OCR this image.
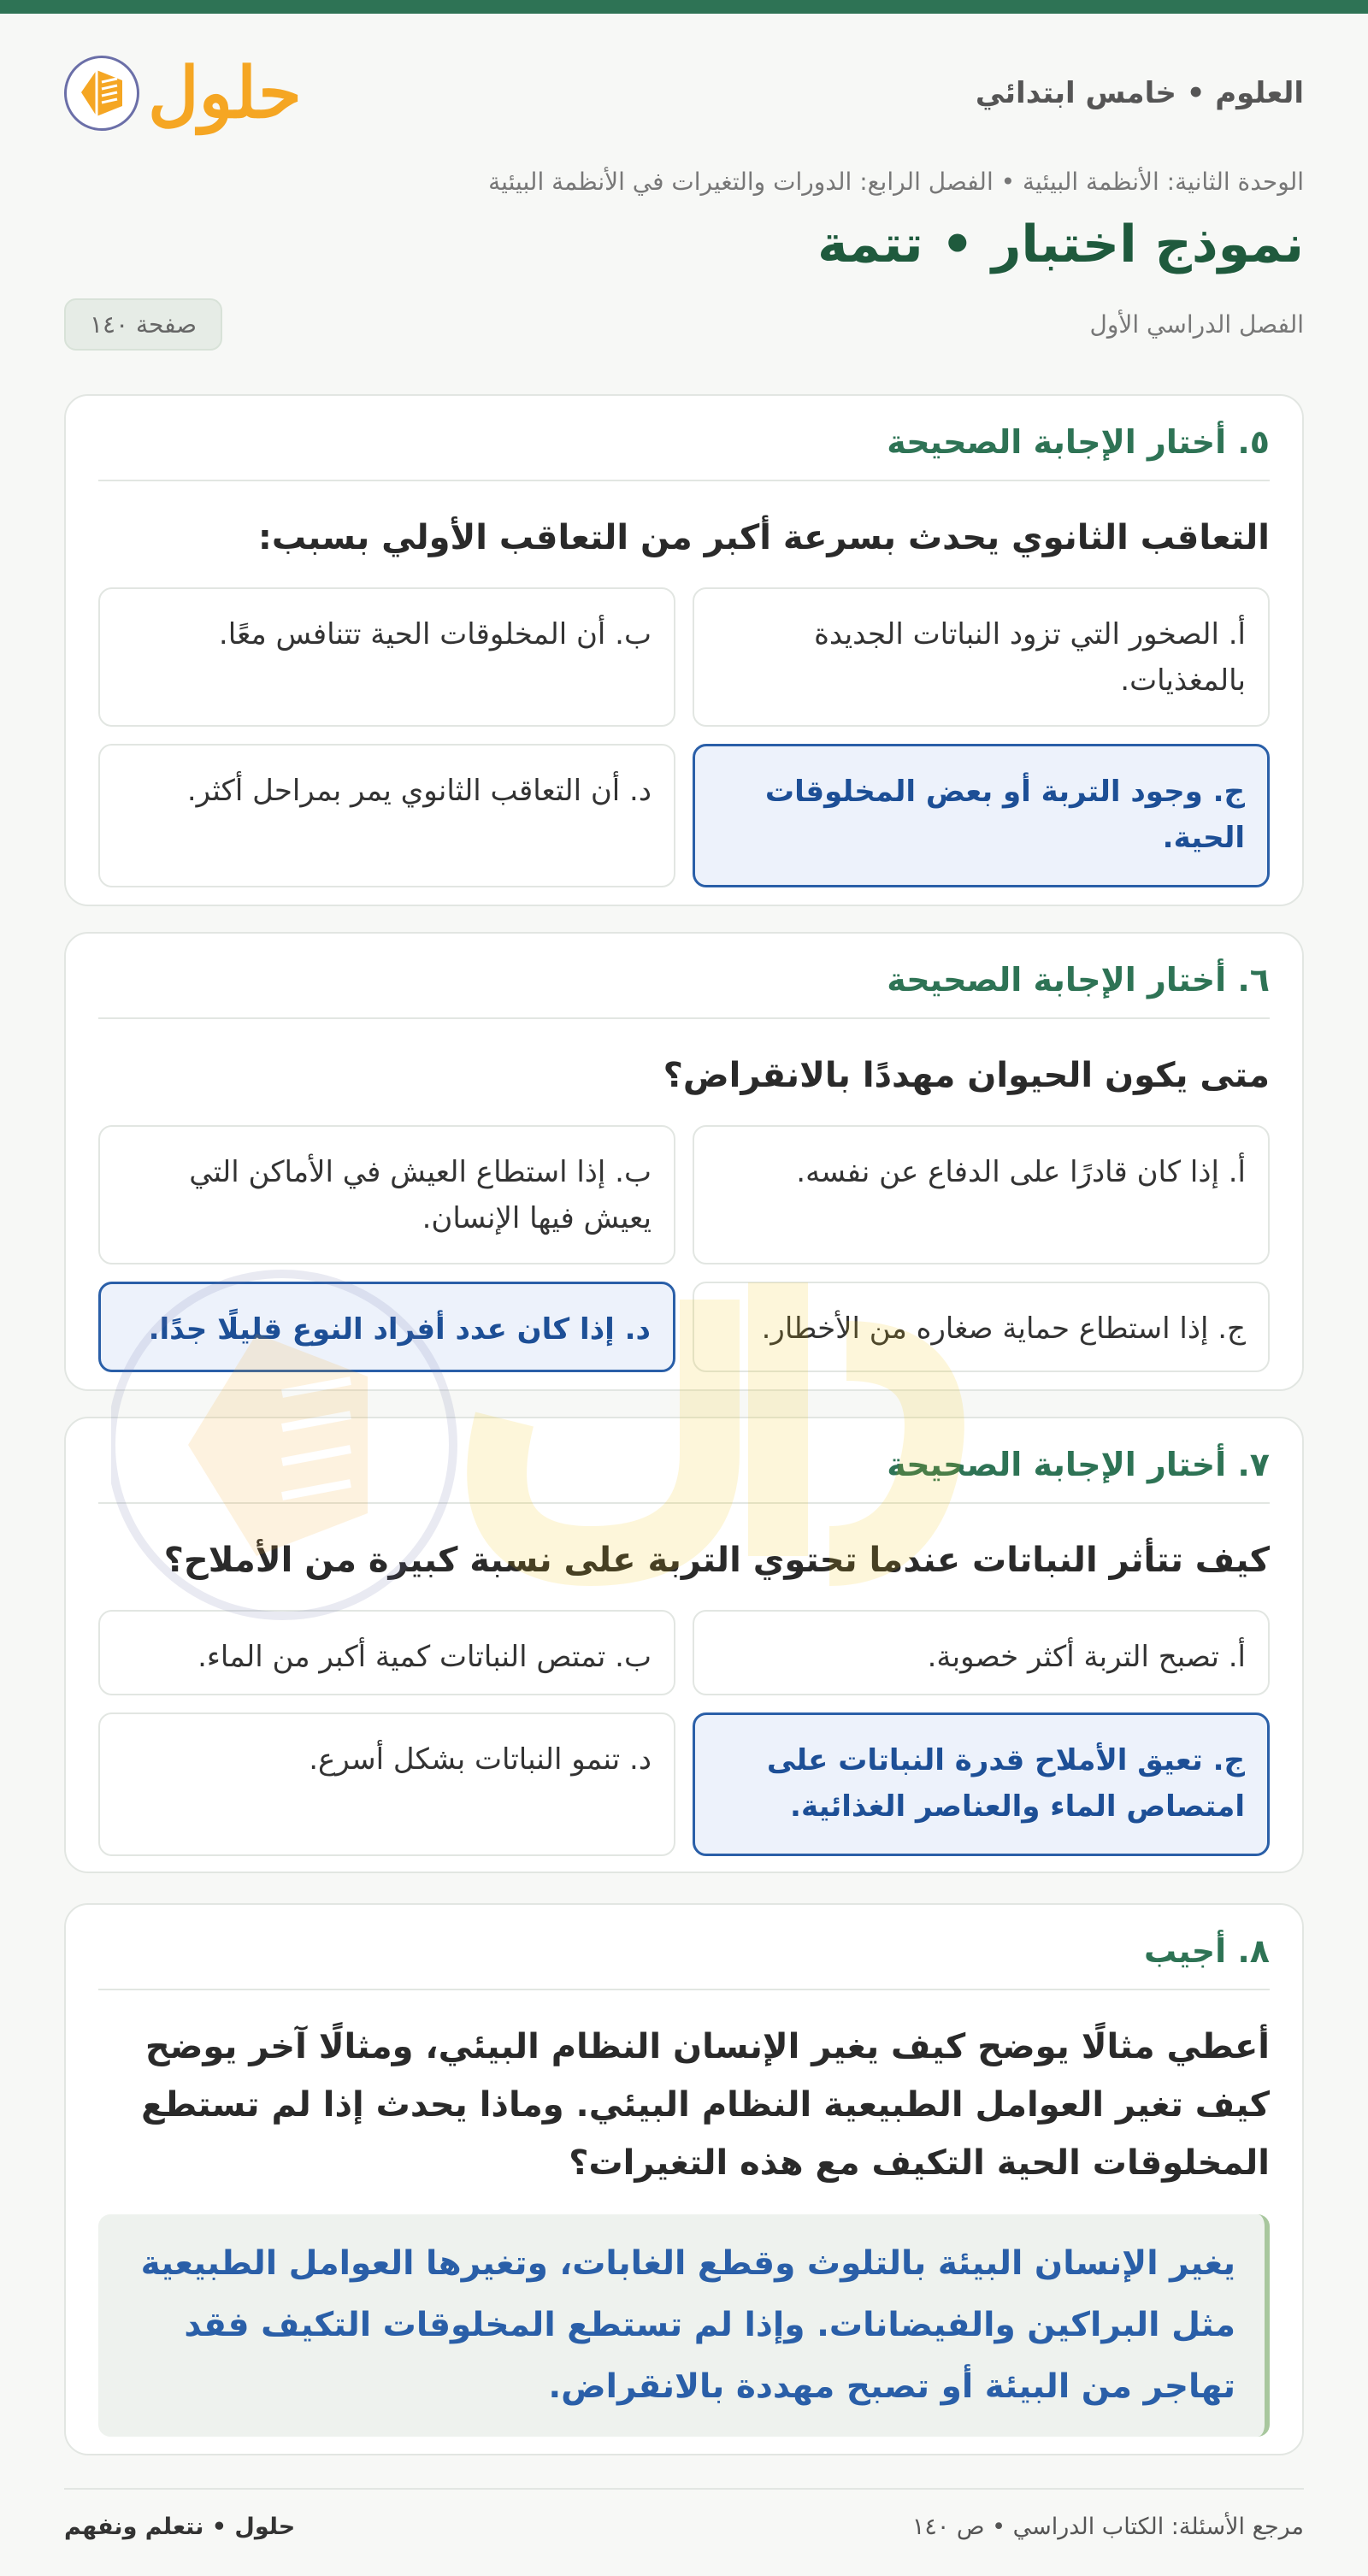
العلوم • خامس ابتدائي
حلول
الوحدة الثانية: الأنظمة البيئية • الفصل الرابع: الدورات والتغيرات في الأنظمة البيئية
نموذج اختبار • تتمة
الفصل الدراسي الأول
صفحة ١٤٠
٥. أختار الإجابة الصحيحة
التعاقب الثانوي يحدث بسرعة أكبر من التعاقب الأولي بسبب:
أ. الصخور التي تزود النباتات الجديدة بالمغذيات.
ب. أن المخلوقات الحية تتنافس معًا.
ج. وجود التربة أو بعض المخلوقات الحية.
د. أن التعاقب الثانوي يمر بمراحل أكثر.
٦. أختار الإجابة الصحيحة
متى يكون الحيوان مهددًا بالانقراض؟
أ. إذا كان قادرًا على الدفاع عن نفسه.
ب. إذا استطاع العيش في الأماكن التي يعيش فيها الإنسان.
ج. إذا استطاع حماية صغاره من الأخطار.
د. إذا كان عدد أفراد النوع قليلًا جدًا.
٧. أختار الإجابة الصحيحة
كيف تتأثر النباتات عندما تحتوي التربة على نسبة كبيرة من الأملاح؟
أ. تصبح التربة أكثر خصوبة.
ب. تمتص النباتات كمية أكبر من الماء.
ج. تعيق الأملاح قدرة النباتات على امتصاص الماء والعناصر الغذائية.
د. تنمو النباتات بشكل أسرع.
٨. أجيب
أعطي مثالًا يوضح كيف يغير الإنسان النظام البيئي، ومثالًا آخر يوضح كيف تغير العوامل الطبيعية النظام البيئي. وماذا يحدث إذا لم تستطع المخلوقات الحية التكيف مع هذه التغيرات؟
يغير الإنسان البيئة بالتلوث وقطع الغابات، وتغيرها العوامل الطبيعية مثل البراكين والفيضانات. وإذا لم تستطع المخلوقات التكيف فقد تهاجر من البيئة أو تصبح مهددة بالانقراض.
مرجع الأسئلة: الكتاب الدراسي • ص ١٤٠
حلول • نتعلم ونفهم
